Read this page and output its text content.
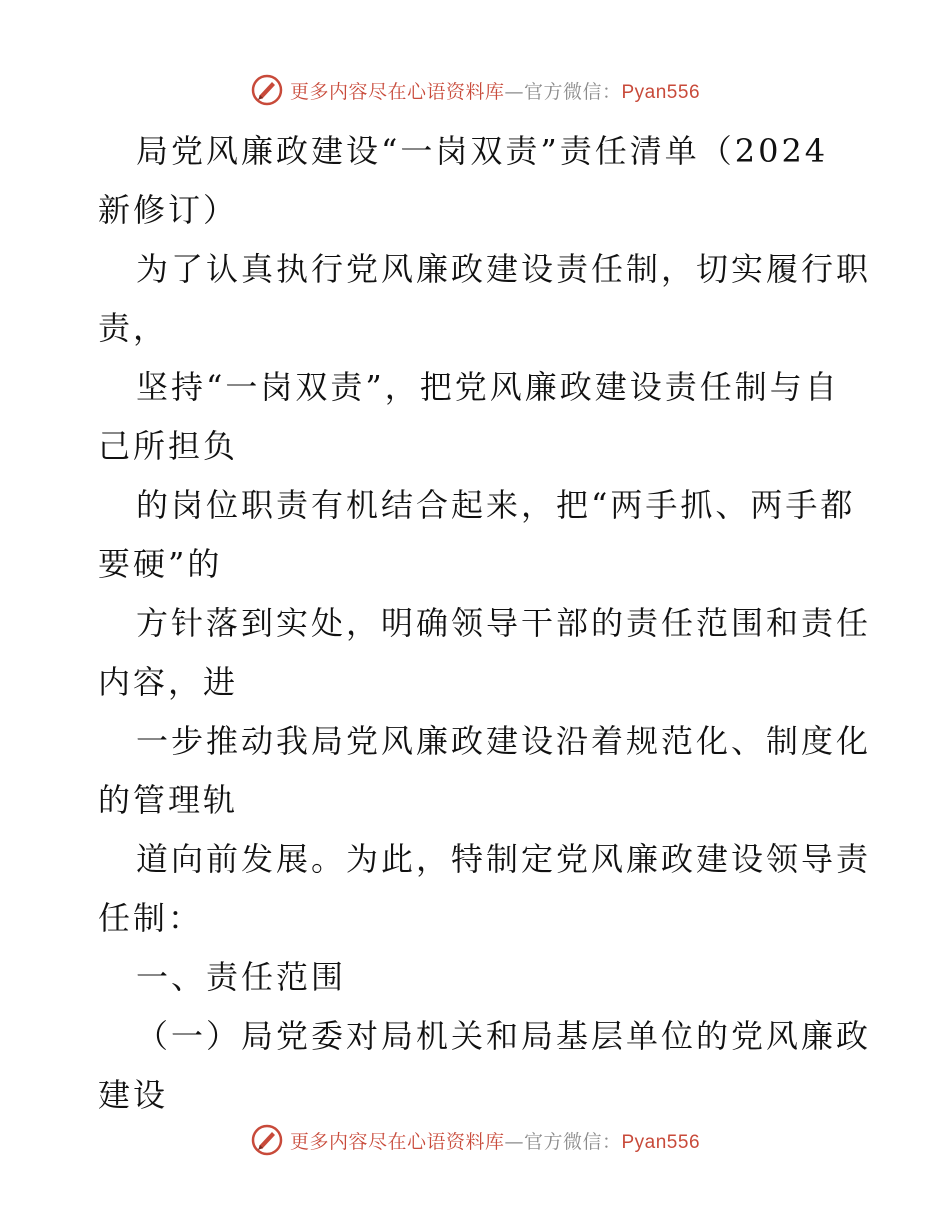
更多内容尽在心语资料库—官方微信：Pyan556
局党风廉政建设“一岗双责”责任清单（2024
新修订）
为了认真执行党风廉政建设责任制，切实履行职
责，
坚持“一岗双责”，把党风廉政建设责任制与自
己所担负
的岗位职责有机结合起来，把“两手抓、两手都
要硬”的
方针落到实处，明确领导干部的责任范围和责任
内容，进
一步推动我局党风廉政建设沿着规范化、制度化
的管理轨
道向前发展。为此，特制定党风廉政建设领导责
任制：
一、责任范围
（一）局党委对局机关和局基层单位的党风廉政
建设
更多内容尽在心语资料库—官方微信：Pyan556
